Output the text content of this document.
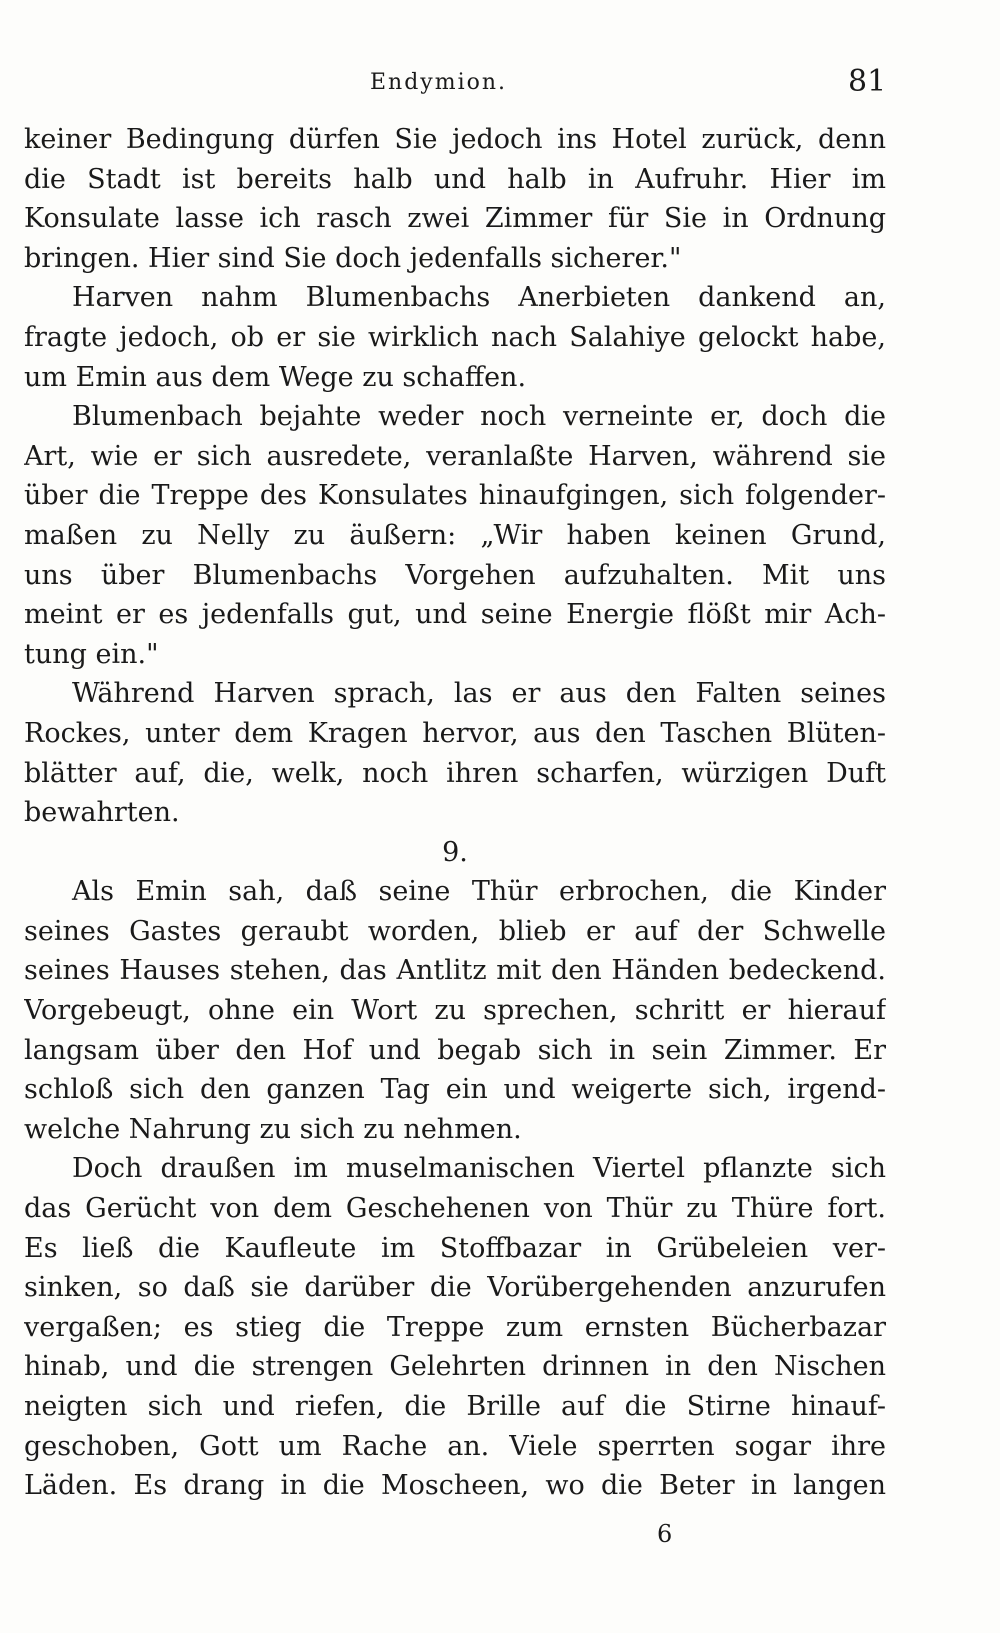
Endymion.	81
keiner Bedingung dürfen Sie jedoch ins Hotel zurück, denn
die Stadt ist bereits halb und halb in Aufruhr. Hier im
Konsulate lasse ich rasch zwei Zimmer für Sie in Ordnung
bringen. Hier sind Sie doch jedenfalls sicherer."
Harven nahm Blumenbachs Anerbieten dankend an,
fragte jedoch, ob er sie wirklich nach Salahiye gelockt habe,
um Emin aus dem Wege zu schaffen.
Blumenbach bejahte weder noch verneinte er, doch die
Art, wie er sich ausredete, veranlaßte Harven, während sie
über die Treppe des Konsulates hinaufgingen, sich folgender-
maßen zu Nelly zu äußern: „Wir haben keinen Grund,
uns über Blumenbachs Vorgehen aufzuhalten. Mit uns
meint er es jedenfalls gut, und seine Energie flößt mir Ach-
tung ein."
Während Harven sprach, las er aus den Falten seines
Rockes, unter dem Kragen hervor, aus den Taschen Blüten-
blätter auf, die, welk, noch ihren scharfen, würzigen Duft
bewahrten.
9.
Als Emin sah, daß seine Thür erbrochen, die Kinder
seines Gastes geraubt worden, blieb er auf der Schwelle
seines Hauses stehen, das Antlitz mit den Händen bedeckend.
Vorgebeugt, ohne ein Wort zu sprechen, schritt er hierauf
langsam über den Hof und begab sich in sein Zimmer. Er
schloß sich den ganzen Tag ein und weigerte sich, irgend-
welche Nahrung zu sich zu nehmen.
Doch draußen im muselmanischen Viertel pflanzte sich
das Gerücht von dem Geschehenen von Thür zu Thüre fort.
Es ließ die Kaufleute im Stoffbazar in Grübeleien ver-
sinken, so daß sie darüber die Vorübergehenden anzurufen
vergaßen; es stieg die Treppe zum ernsten Bücherbazar
hinab, und die strengen Gelehrten drinnen in den Nischen
neigten sich und riefen, die Brille auf die Stirne hinauf-
geschoben, Gott um Rache an. Viele sperrten sogar ihre
Läden. Es drang in die Moscheen, wo die Beter in langen
6
